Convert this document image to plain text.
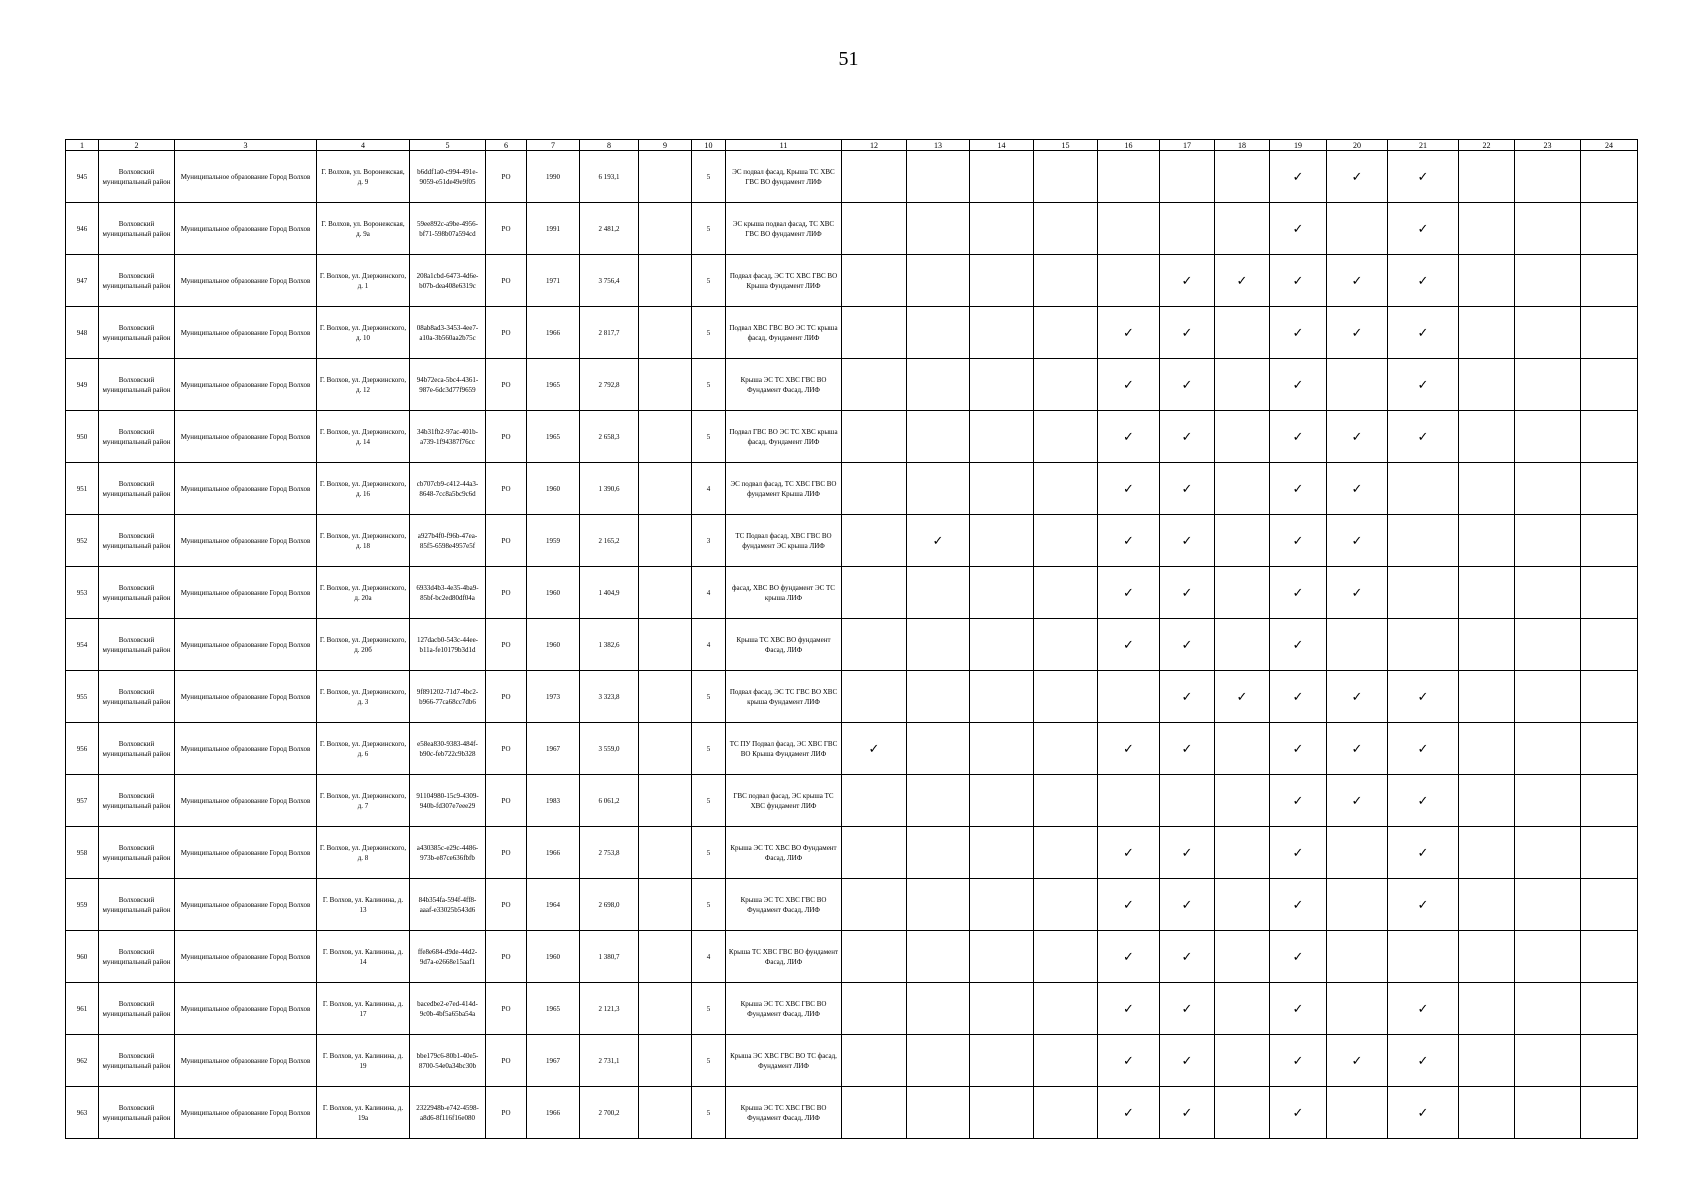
51
1	2	3	4	5	6	7	8	9	10	11	12	13	14	15	16	17	18	19	20	21	22	23	24
945	Волховский муниципальный район	Муниципальное образование Город Волхов	Г. Волхов, ул. Воронежская, д. 9	b6ddf1a0-c994-491e-9059-e51de49e9f05	РО	1990	6 193,1		5	ЭС подвал фасад, Крыша ТС ХВС ГВС ВО фундамент ЛИФ								✓	✓	✓			
946	Волховский муниципальный район	Муниципальное образование Город Волхов	Г. Волхов, ул. Воронежская, д. 9а	59ee892c-a9be-4956-bf71-598b07a594cd	РО	1991	2 481,2		5	ЭС крыша подвал фасад, ТС ХВС ГВС ВО фундамент ЛИФ								✓		✓			
947	Волховский муниципальный район	Муниципальное образование Город Волхов	Г. Волхов, ул. Дзержинского, д. 1	208a1cbd-6473-4d6e-b07b-dea408e6319c	РО	1971	3 756,4		5	Подвал фасад, ЭС ТС ХВС ГВС ВО Крыша Фундамент ЛИФ						✓	✓	✓	✓	✓			
948	Волховский муниципальный район	Муниципальное образование Город Волхов	Г. Волхов, ул. Дзержинского, д. 10	08ab8ad3-3453-4ee7-a10a-3b560aa2b75c	РО	1966	2 817,7		5	Подвал ХВС ГВС ВО ЭС ТС крыша фасад, Фундамент ЛИФ					✓	✓		✓	✓	✓			
949	Волховский муниципальный район	Муниципальное образование Город Волхов	Г. Волхов, ул. Дзержинского, д. 12	94b72eca-5bc4-4361-987e-6dc3d77f9659	РО	1965	2 792,8		5	Крыша ЭС ТС ХВС ГВС ВО Фундамент Фасад, ЛИФ					✓	✓		✓		✓			
950	Волховский муниципальный район	Муниципальное образование Город Волхов	Г. Волхов, ул. Дзержинского, д. 14	34b31fb2-97ac-401b-a739-1f94387f76cc	РО	1965	2 658,3		5	Подвал ГВС ВО ЭС ТС ХВС крыша фасад, Фундамент ЛИФ					✓	✓		✓	✓	✓			
951	Волховский муниципальный район	Муниципальное образование Город Волхов	Г. Волхов, ул. Дзержинского, д. 16	cb707cb9-c412-44a3-8648-7cc8a5bc9c6d	РО	1960	1 390,6		4	ЭС подвал фасад, ТС ХВС ГВС ВО фундамент Крыша ЛИФ					✓	✓		✓	✓				
952	Волховский муниципальный район	Муниципальное образование Город Волхов	Г. Волхов, ул. Дзержинского, д. 18	a927b4f0-f96b-47ea-85f5-6598e4957e5f	РО	1959	2 165,2		3	ТС Подвал фасад, ХВС ГВС ВО фундамент ЭС крыша ЛИФ		✓			✓	✓		✓	✓				
953	Волховский муниципальный район	Муниципальное образование Город Волхов	Г. Волхов, ул. Дзержинского, д. 20а	6933d4b3-4e35-4ba9-85bf-bc2ed80df04a	РО	1960	1 404,9		4	фасад, ХВС ВО фундамент ЭС ТС крыша ЛИФ					✓	✓		✓	✓				
954	Волховский муниципальный район	Муниципальное образование Город Волхов	Г. Волхов, ул. Дзержинского, д. 20б	127dacb0-543c-44ee-b11a-fe10179b3d1d	РО	1960	1 382,6		4	Крыша ТС ХВС ВО фундамент Фасад, ЛИФ					✓	✓		✓					
955	Волховский муниципальный район	Муниципальное образование Город Волхов	Г. Волхов, ул. Дзержинского, д. 3	9f891202-71d7-4bc2-b966-77ca68cc7db6	РО	1973	3 323,8		5	Подвал фасад, ЭС ТС ГВС ВО ХВС крыша Фундамент ЛИФ						✓	✓	✓	✓	✓			
956	Волховский муниципальный район	Муниципальное образование Город Волхов	Г. Волхов, ул. Дзержинского, д. 6	e58ea830-9383-484f-b90c-feb722c9b328	РО	1967	3 559,0		5	ТС ПУ Подвал фасад, ЭС ХВС ГВС ВО Крыша Фундамент ЛИФ	✓				✓	✓		✓	✓	✓			
957	Волховский муниципальный район	Муниципальное образование Город Волхов	Г. Волхов, ул. Дзержинского, д. 7	91104980-15c9-4309-940b-fd307e7eee29	РО	1983	6 061,2		5	ГВС подвал фасад, ЭС крыша ТС ХВС фундамент ЛИФ								✓	✓	✓			
958	Волховский муниципальный район	Муниципальное образование Город Волхов	Г. Волхов, ул. Дзержинского, д. 8	a430385c-e29c-4486-973b-e87ce636fbfb	РО	1966	2 753,8		5	Крыша ЭС ТС ХВС ВО Фундамент Фасад, ЛИФ					✓	✓		✓		✓			
959	Волховский муниципальный район	Муниципальное образование Город Волхов	Г. Волхов, ул. Калинина, д. 13	84b354fa-594f-4ff8-aaaf-e33025b543d6	РО	1964	2 698,0		5	Крыша ЭС ТС ХВС ГВС ВО Фундамент Фасад, ЛИФ					✓	✓		✓		✓			
960	Волховский муниципальный район	Муниципальное образование Город Волхов	Г. Волхов, ул. Калинина, д. 14	ffe8e684-d9de-44d2-9d7a-e2668e15aaf1	РО	1960	1 380,7		4	Крыша ТС ХВС ГВС ВО фундамент Фасад, ЛИФ					✓	✓		✓					
961	Волховский муниципальный район	Муниципальное образование Город Волхов	Г. Волхов, ул. Калинина, д. 17	bacedbe2-e7ed-414d-9c0b-4bf5a65ba54a	РО	1965	2 121,3		5	Крыша ЭС ТС ХВС ГВС ВО Фундамент Фасад, ЛИФ					✓	✓		✓		✓			
962	Волховский муниципальный район	Муниципальное образование Город Волхов	Г. Волхов, ул. Калинина, д. 19	bbe179c6-80b1-40e5-8700-54e0a34bc30b	РО	1967	2 731,1		5	Крыша ЭС ХВС ГВС ВО ТС фасад, Фундамент ЛИФ					✓	✓		✓	✓	✓			
963	Волховский муниципальный район	Муниципальное образование Город Волхов	Г. Волхов, ул. Калинина, д. 19а	2322948b-e742-4598-a8d6-8f116f16e080	РО	1966	2 700,2		5	Крыша ЭС ТС ХВС ГВС ВО Фундамент Фасад, ЛИФ					✓	✓		✓		✓			
